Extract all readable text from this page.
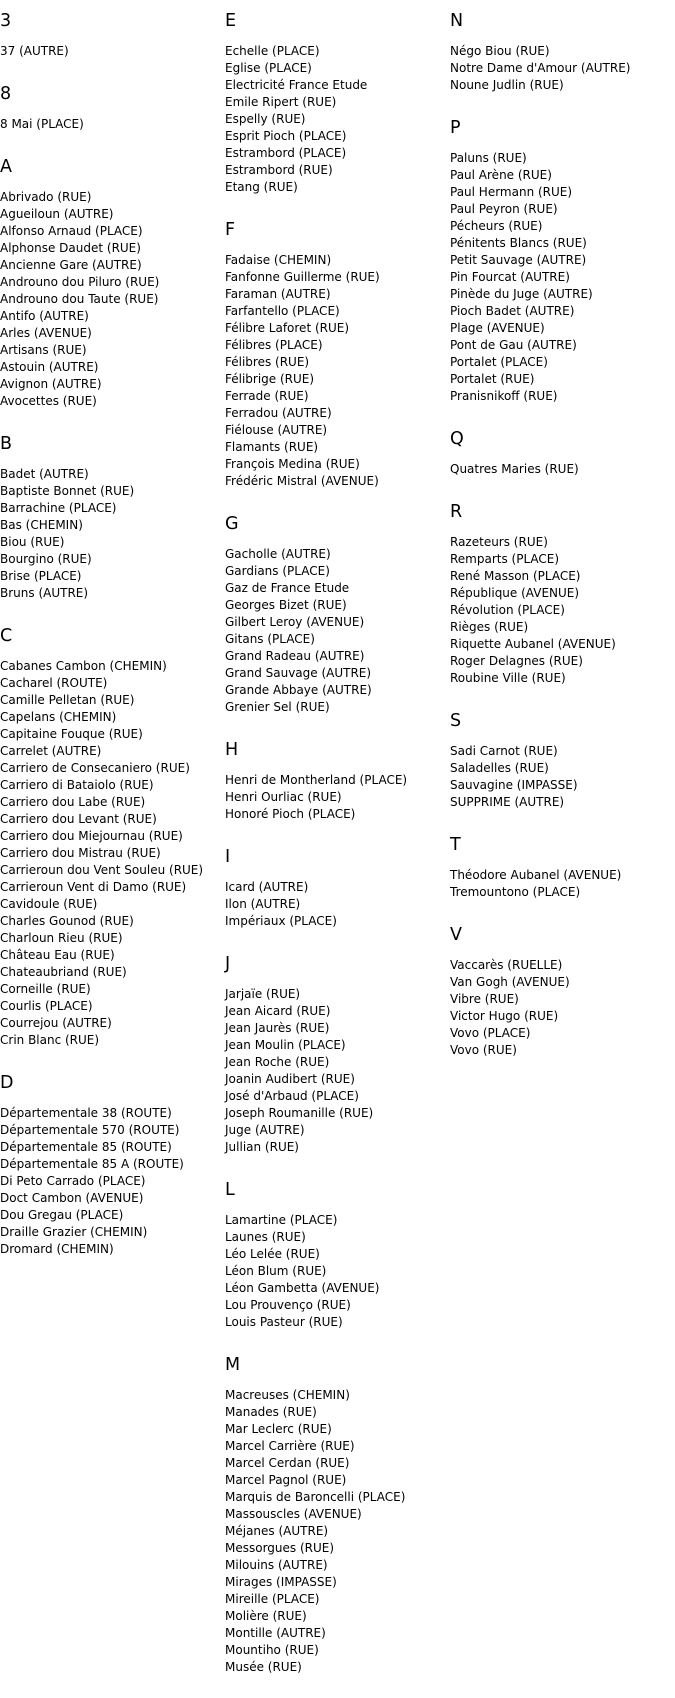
3
37 (AUTRE)
8
8 Mai (PLACE)
A
Abrivado (RUE)
Agueiloun (AUTRE)
Alfonso Arnaud (PLACE)
Alphonse Daudet (RUE)
Ancienne Gare (AUTRE)
Androuno dou Piluro (RUE)
Androuno dou Taute (RUE)
Antifo (AUTRE)
Arles (AVENUE)
Artisans (RUE)
Astouin (AUTRE)
Avignon (AUTRE)
Avocettes (RUE)
B
Badet (AUTRE)
Baptiste Bonnet (RUE)
Barrachine (PLACE)
Bas (CHEMIN)
Biou (RUE)
Bourgino (RUE)
Brise (PLACE)
Bruns (AUTRE)
C
Cabanes Cambon (CHEMIN)
Cacharel (ROUTE)
Camille Pelletan (RUE)
Capelans (CHEMIN)
Capitaine Fouque (RUE)
Carrelet (AUTRE)
Carriero de Consecaniero (RUE)
Carriero di Bataiolo (RUE)
Carriero dou Labe (RUE)
Carriero dou Levant (RUE)
Carriero dou Miejournau (RUE)
Carriero dou Mistrau (RUE)
Carrieroun dou Vent Souleu (RUE)
Carrieroun Vent di Damo (RUE)
Cavidoule (RUE)
Charles Gounod (RUE)
Charloun Rieu (RUE)
Château Eau (RUE)
Chateaubriand (RUE)
Corneille (RUE)
Courlis (PLACE)
Courrejou (AUTRE)
Crin Blanc (RUE)
D
Départementale 38 (ROUTE)
Départementale 570 (ROUTE)
Départementale 85 (ROUTE)
Départementale 85 A (ROUTE)
Di Peto Carrado (PLACE)
Doct Cambon (AVENUE)
Dou Gregau (PLACE)
Draille Grazier (CHEMIN)
Dromard (CHEMIN)
E
Echelle (PLACE)
Eglise (PLACE)
Electricité France Etude
Emile Ripert (RUE)
Espelly (RUE)
Esprit Pioch (PLACE)
Estrambord (PLACE)
Estrambord (RUE)
Etang (RUE)
F
Fadaise (CHEMIN)
Fanfonne Guillerme (RUE)
Faraman (AUTRE)
Farfantello (PLACE)
Félibre Laforet (RUE)
Félibres (PLACE)
Félibres (RUE)
Félibrige (RUE)
Ferrade (RUE)
Ferradou (AUTRE)
Fiélouse (AUTRE)
Flamants (RUE)
François Medina (RUE)
Frédéric Mistral (AVENUE)
G
Gacholle (AUTRE)
Gardians (PLACE)
Gaz de France Etude
Georges Bizet (RUE)
Gilbert Leroy (AVENUE)
Gitans (PLACE)
Grand Radeau (AUTRE)
Grand Sauvage (AUTRE)
Grande Abbaye (AUTRE)
Grenier Sel (RUE)
H
Henri de Montherland (PLACE)
Henri Ourliac (RUE)
Honoré Pioch (PLACE)
I
Icard (AUTRE)
Ilon (AUTRE)
Impériaux (PLACE)
J
Jarjaïe (RUE)
Jean Aicard (RUE)
Jean Jaurès (RUE)
Jean Moulin (PLACE)
Jean Roche (RUE)
Joanin Audibert (RUE)
José d'Arbaud (PLACE)
Joseph Roumanille (RUE)
Juge (AUTRE)
Jullian (RUE)
L
Lamartine (PLACE)
Launes (RUE)
Léo Lelée (RUE)
Léon Blum (RUE)
Léon Gambetta (AVENUE)
Lou Prouvenço (RUE)
Louis Pasteur (RUE)
M
Macreuses (CHEMIN)
Manades (RUE)
Mar Leclerc (RUE)
Marcel Carrière (RUE)
Marcel Cerdan (RUE)
Marcel Pagnol (RUE)
Marquis de Baroncelli (PLACE)
Massouscles (AVENUE)
Méjanes (AUTRE)
Messorgues (RUE)
Milouins (AUTRE)
Mirages (IMPASSE)
Mireille (PLACE)
Molière (RUE)
Montille (AUTRE)
Mountiho (RUE)
Musée (RUE)
N
Négo Biou (RUE)
Notre Dame d'Amour (AUTRE)
Noune Judlin (RUE)
P
Paluns (RUE)
Paul Arène (RUE)
Paul Hermann (RUE)
Paul Peyron (RUE)
Pécheurs (RUE)
Pénitents Blancs (RUE)
Petit Sauvage (AUTRE)
Pin Fourcat (AUTRE)
Pinède du Juge (AUTRE)
Pioch Badet (AUTRE)
Plage (AVENUE)
Pont de Gau (AUTRE)
Portalet (PLACE)
Portalet (RUE)
Pranisnikoff (RUE)
Q
Quatres Maries (RUE)
R
Razeteurs (RUE)
Remparts (PLACE)
René Masson (PLACE)
République (AVENUE)
Révolution (PLACE)
Rièges (RUE)
Riquette Aubanel (AVENUE)
Roger Delagnes (RUE)
Roubine Ville (RUE)
S
Sadi Carnot (RUE)
Saladelles (RUE)
Sauvagine (IMPASSE)
SUPPRIME (AUTRE)
T
Théodore Aubanel (AVENUE)
Tremountono (PLACE)
V
Vaccarès (RUELLE)
Van Gogh (AVENUE)
Vibre (RUE)
Victor Hugo (RUE)
Vovo (PLACE)
Vovo (RUE)
